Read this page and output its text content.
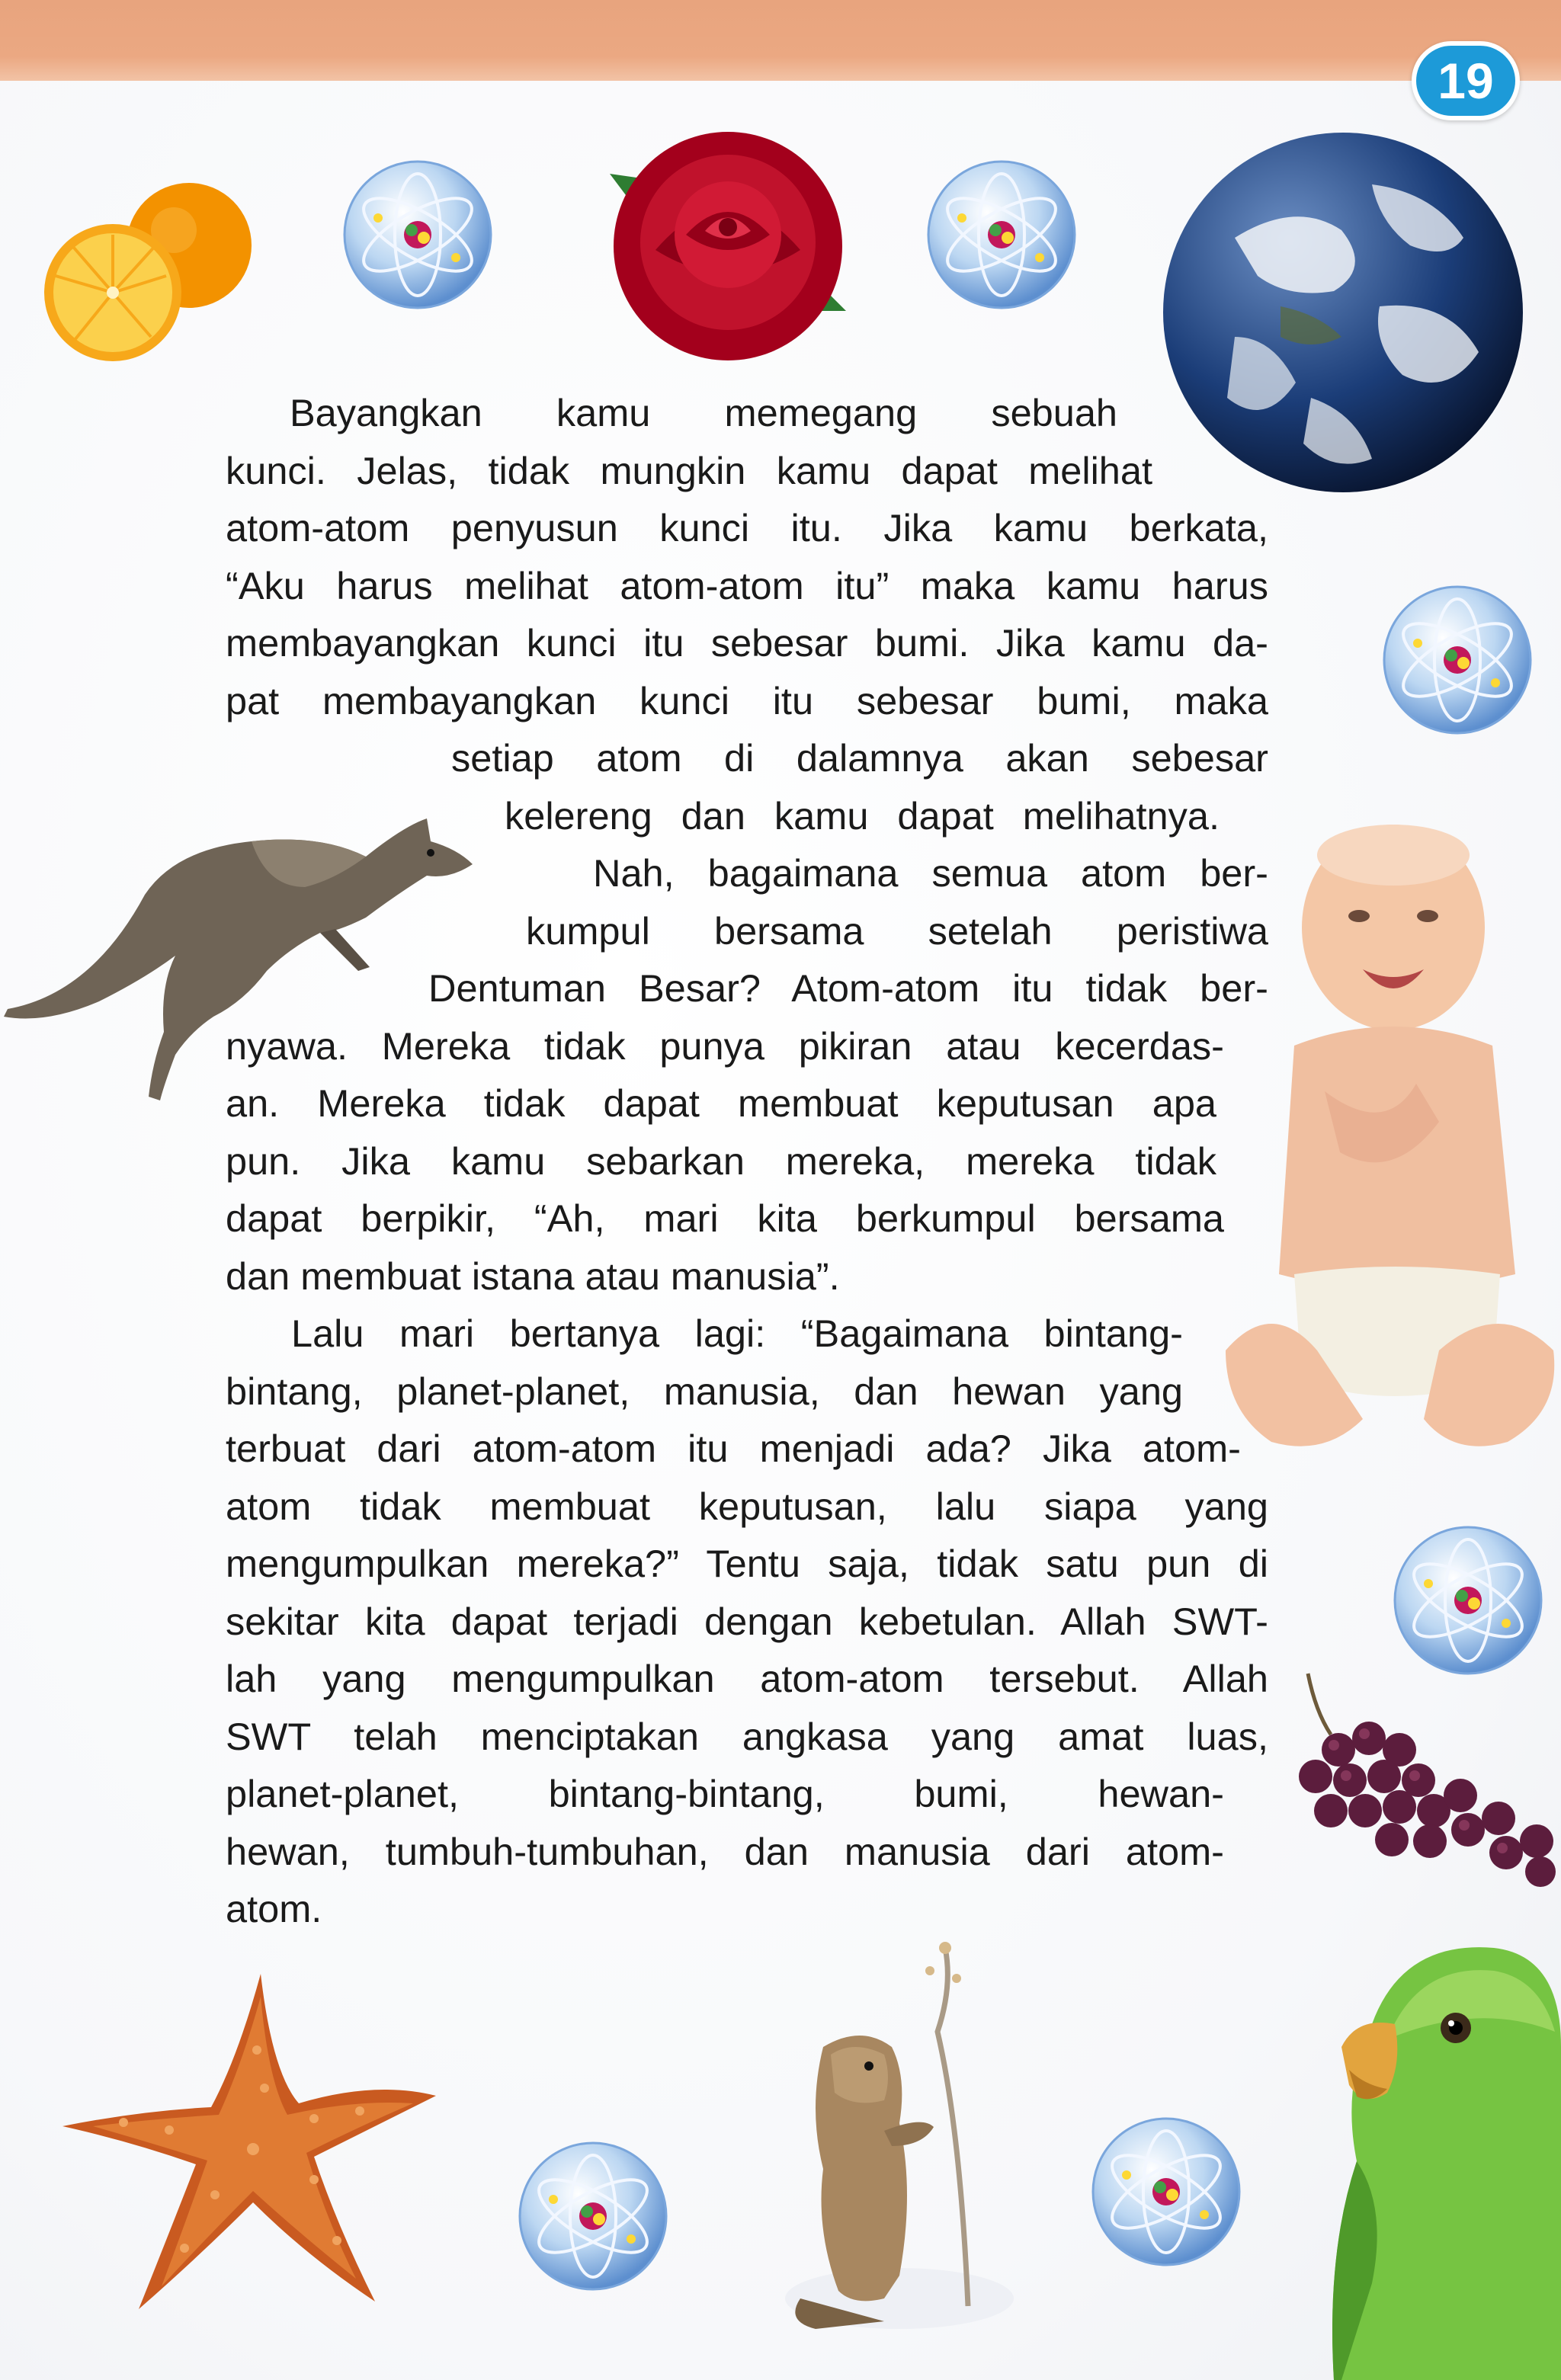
19
Bayangkan kamu memegang sebuah
kunci. Jelas, tidak mungkin kamu dapat melihat
atom-atom penyusun kunci itu. Jika kamu berkata,
“Aku harus melihat atom-atom itu” maka kamu harus
membayangkan kunci itu sebesar bumi. Jika kamu da-
pat membayangkan kunci itu sebesar bumi, maka
setiap atom di dalamnya akan sebesar
kelereng dan kamu dapat melihatnya.
Nah, bagaimana semua atom ber-
kumpul bersama setelah peristiwa
Dentuman Besar? Atom-atom itu tidak ber-
nyawa. Mereka tidak punya pikiran atau kecerdas-
an. Mereka tidak dapat membuat keputusan apa
pun. Jika kamu sebarkan mereka, mereka tidak
dapat berpikir, “Ah, mari kita berkumpul bersama
dan membuat istana atau manusia”.
Lalu mari bertanya lagi: “Bagaimana bintang-
bintang, planet-planet, manusia, dan hewan yang
terbuat dari atom-atom itu menjadi ada? Jika atom-
atom tidak membuat keputusan, lalu siapa yang
mengumpulkan mereka?” Tentu saja, tidak satu pun di
sekitar kita dapat terjadi dengan kebetulan. Allah SWT-
lah yang mengumpulkan atom-atom tersebut. Allah
SWT telah menciptakan angkasa yang amat luas,
planet-planet, bintang-bintang, bumi, hewan-
hewan, tumbuh-tumbuhan, dan manusia dari atom-
atom.
